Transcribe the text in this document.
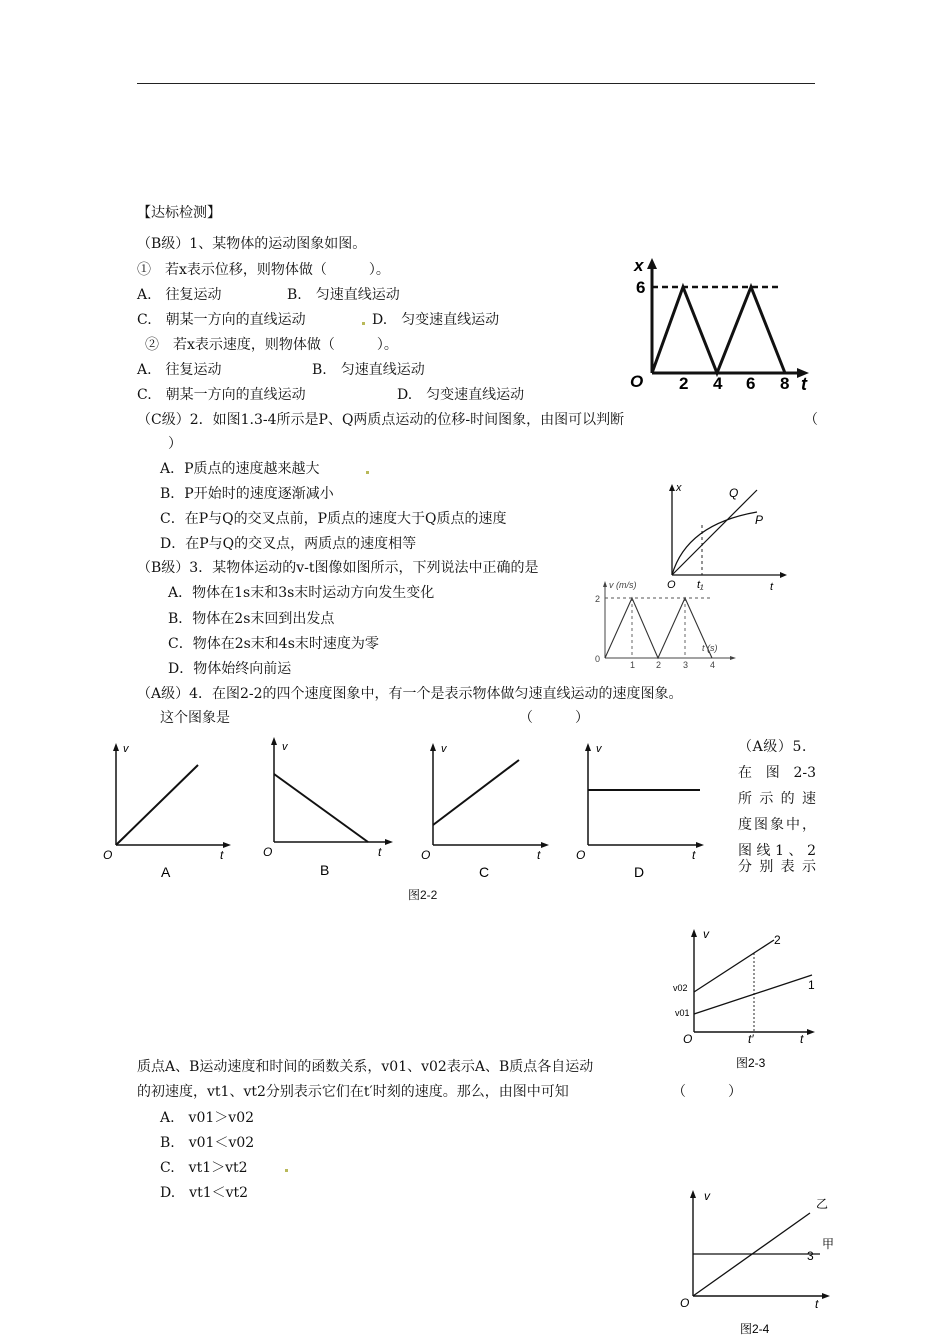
【达标检测】
（B级）1、某物体的运动图象如图。
①　若x表示位移，则物体做（　　　）。
A.　往复运动	B.　匀速直线运动
C.　朝某一方向的直线运动	D.　匀变速直线运动
②　若x表示速度，则物体做（　　　）。
A.　往复运动	B.　匀速直线运动
C.　朝某一方向的直线运动	D.　匀变速直线运动
x
6
O 2 4 6 8 t
（C级）2．如图1.3-4所示是P、Q两质点运动的位移-时间图象，由图可以判断	（
）
A．P质点的速度越来越大
B．P开始时的速度逐渐减小
C．在P与Q的交叉点前，P质点的速度大于Q质点的速度
D．在P与Q的交叉点，两质点的速度相等
x	Q
P
O t₁	t
（B级）3．某物体运动的v-t图像如图所示，下列说法中正确的是
A．物体在1s末和3s末时运动方向发生变化
B．物体在2s末回到出发点
C．物体在2s末和4s末时速度为零
D．物体始终向前运
v (m/s)
2
0
1 2 3 4
t (s)
（A级）4．在图2-2的四个速度图象中，有一个是表示物体做匀速直线运动的速度图象。
这个图象是	（　　　）
v
O	t
A
v
O	t
B
v
O	t
C
v
O	t
D
图2-2
（A级）5．
在图2-3
所示的速
度图象中，
图线1、2
分别表示
v	2
1
v02
v01
O	t′	t
图2-3
质点A、B运动速度和时间的函数关系，v01、v02表示A、B质点各自运动
的初速度，vt1、vt2分别表示它们在t′时刻的速度。那么，由图中可知	（　　　）
A.　v01＞v02
B.　v01＜v02
C.　vt1＞vt2
D.　vt1＜vt2	v
乙
甲
3
O	t
图2-4
